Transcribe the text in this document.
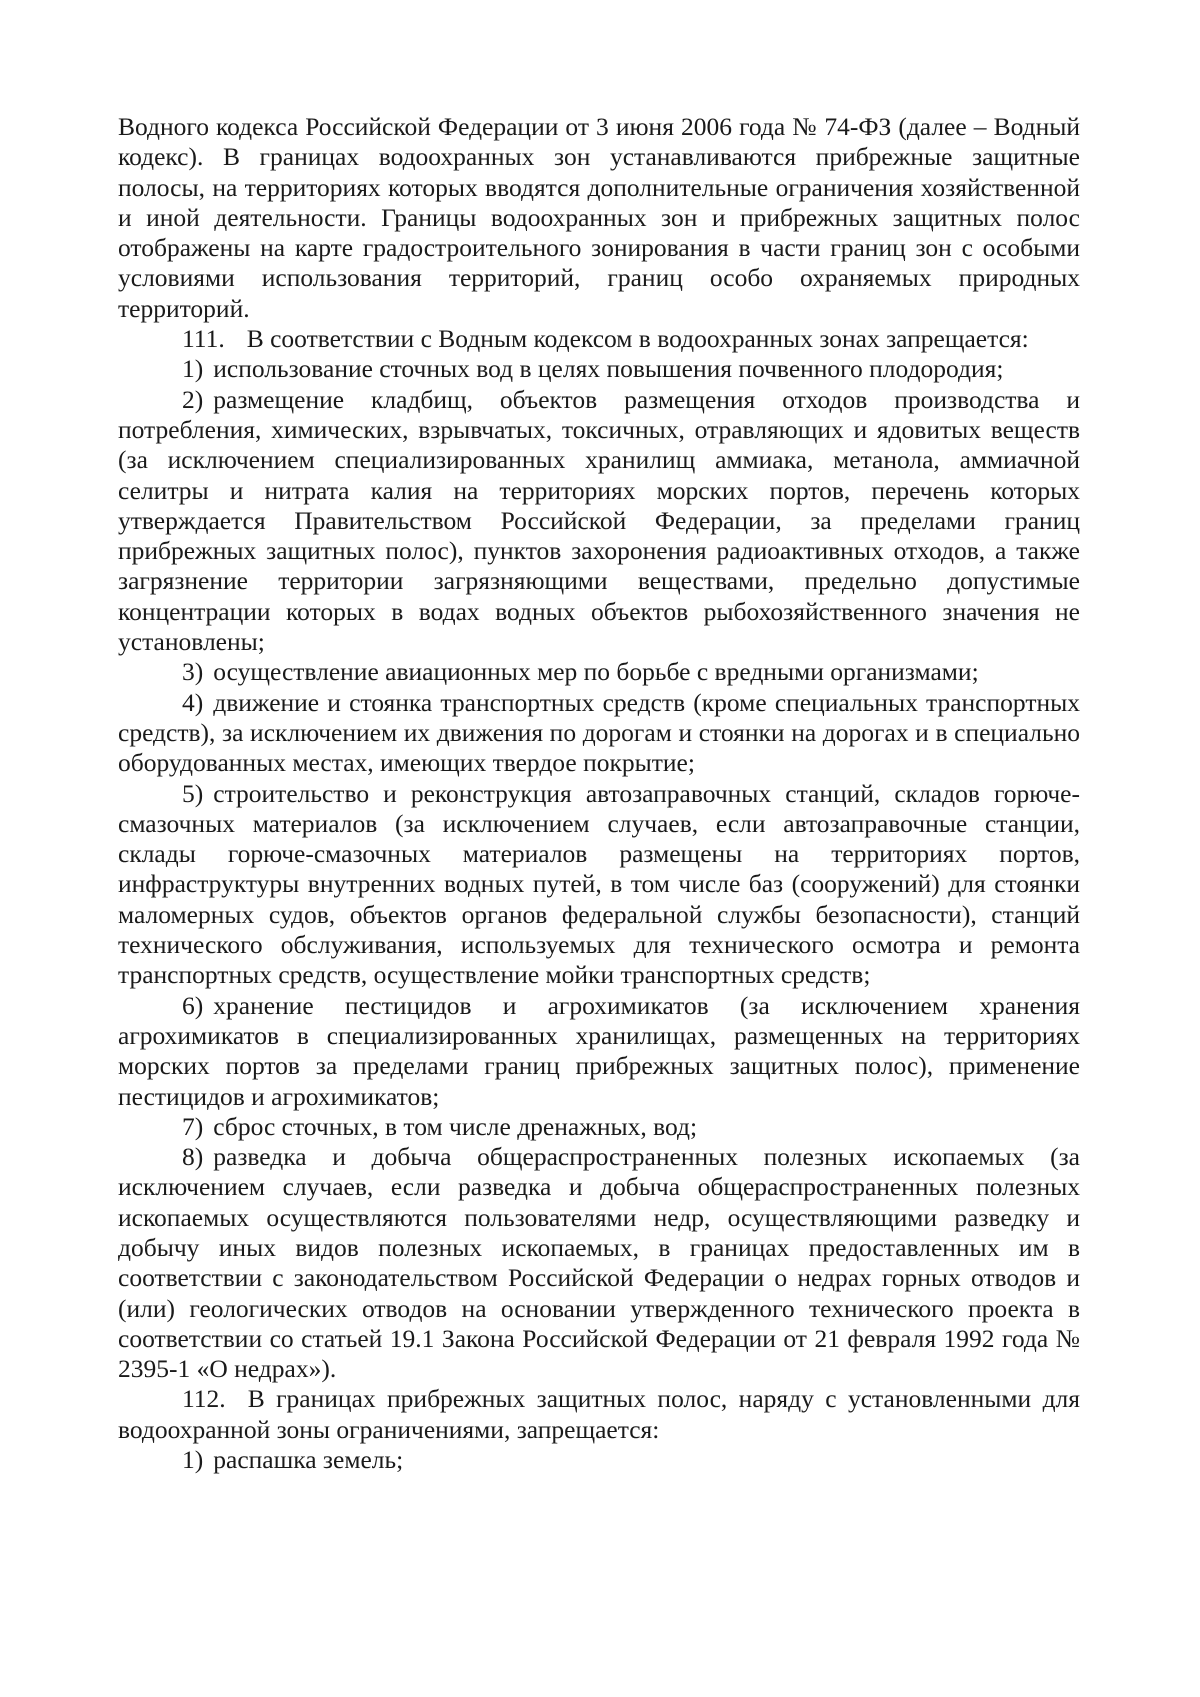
Водного кодекса Российской Федерации от 3 июня 2006 года № 74-ФЗ (далее – Водный кодекс). В границах водоохранных зон устанавливаются прибрежные защитные полосы, на территориях которых вводятся дополнительные ограничения хозяйственной и иной деятельности. Границы водоохранных зон и прибрежных защитных полос отображены на карте градостроительного зонирования в части границ зон с особыми условиями использования территорий, границ особо охраняемых природных территорий.

111. В соответствии с Водным кодексом в водоохранных зонах запрещается:

1) использование сточных вод в целях повышения почвенного плодородия;

2) размещение кладбищ, объектов размещения отходов производства и потребления, химических, взрывчатых, токсичных, отравляющих и ядовитых веществ (за исключением специализированных хранилищ аммиака, метанола, аммиачной селитры и нитрата калия на территориях морских портов, перечень которых утверждается Правительством Российской Федерации, за пределами границ прибрежных защитных полос), пунктов захоронения радиоактивных отходов, а также загрязнение территории загрязняющими веществами, предельно допустимые концентрации которых в водах водных объектов рыбохозяйственного значения не установлены;

3) осуществление авиационных мер по борьбе с вредными организмами;

4) движение и стоянка транспортных средств (кроме специальных транспортных средств), за исключением их движения по дорогам и стоянки на дорогах и в специально оборудованных местах, имеющих твердое покрытие;

5) строительство и реконструкция автозаправочных станций, складов горюче-смазочных материалов (за исключением случаев, если автозаправочные станции, склады горюче-смазочных материалов размещены на территориях портов, инфраструктуры внутренних водных путей, в том числе баз (сооружений) для стоянки маломерных судов, объектов органов федеральной службы безопасности), станций технического обслуживания, используемых для технического осмотра и ремонта транспортных средств, осуществление мойки транспортных средств;

6) хранение пестицидов и агрохимикатов (за исключением хранения агрохимикатов в специализированных хранилищах, размещенных на территориях морских портов за пределами границ прибрежных защитных полос), применение пестицидов и агрохимикатов;

7) сброс сточных, в том числе дренажных, вод;

8) разведка и добыча общераспространенных полезных ископаемых (за исключением случаев, если разведка и добыча общераспространенных полезных ископаемых осуществляются пользователями недр, осуществляющими разведку и добычу иных видов полезных ископаемых, в границах предоставленных им в соответствии с законодательством Российской Федерации о недрах горных отводов и (или) геологических отводов на основании утвержденного технического проекта в соответствии со статьей 19.1 Закона Российской Федерации от 21 февраля 1992 года № 2395-1 «О недрах»).

112. В границах прибрежных защитных полос, наряду с установленными для водоохранной зоны ограничениями, запрещается:

1) распашка земель;
